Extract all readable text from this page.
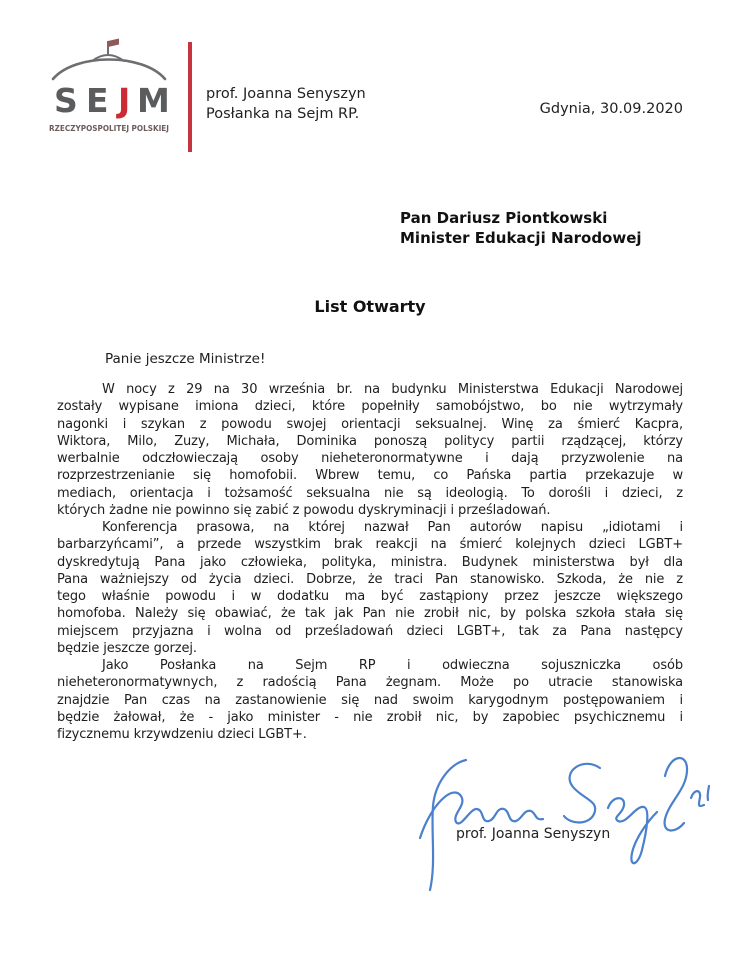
S E J M
RZECZYPOSPOLITEJ POLSKIEJ
prof. Joanna Senyszyn
Posłanka na Sejm RP.	Gdynia, 30.09.2020
Pan Dariusz Piontkowski
Minister Edukacji Narodowej
List Otwarty
Panie jeszcze Ministrze!
W nocy z 29 na 30 września br. na budynku Ministerstwa Edukacji Narodowej
zostały wypisane imiona dzieci, które popełniły samobójstwo, bo nie wytrzymały
nagonki i szykan z powodu swojej orientacji seksualnej. Winę za śmierć Kacpra,
Wiktora, Milo, Zuzy, Michała, Dominika ponoszą politycy partii rządzącej, którzy
werbalnie odczłowieczają osoby nieheteronormatywne i dają przyzwolenie na
rozprzestrzenianie się homofobii. Wbrew temu, co Pańska partia przekazuje w
mediach, orientacja i tożsamość seksualna nie są ideologią. To dorośli i dzieci, z
których żadne nie powinno się zabić z powodu dyskryminacji i prześladowań.
Konferencja prasowa, na której nazwał Pan autorów napisu „idiotami i
barbarzyńcami”, a przede wszystkim brak reakcji na śmierć kolejnych dzieci LGBT+
dyskredytują Pana jako człowieka, polityka, ministra. Budynek ministerstwa był dla
Pana ważniejszy od życia dzieci. Dobrze, że traci Pan stanowisko. Szkoda, że nie z
tego właśnie powodu i w dodatku ma być zastąpiony przez jeszcze większego
homofoba. Należy się obawiać, że tak jak Pan nie zrobił nic, by polska szkoła stała się
miejscem przyjazna i wolna od prześladowań dzieci LGBT+, tak za Pana następcy
będzie jeszcze gorzej.
Jako Posłanka na Sejm RP i odwieczna sojuszniczka osób
nieheteronormatywnych, z radością Pana żegnam. Może po utracie stanowiska
znajdzie Pan czas na zastanowienie się nad swoim karygodnym postępowaniem i
będzie żałował, że - jako minister - nie zrobił nic, by zapobiec psychicznemu i
fizycznemu krzywdzeniu dzieci LGBT+.
prof. Joanna Senyszyn
